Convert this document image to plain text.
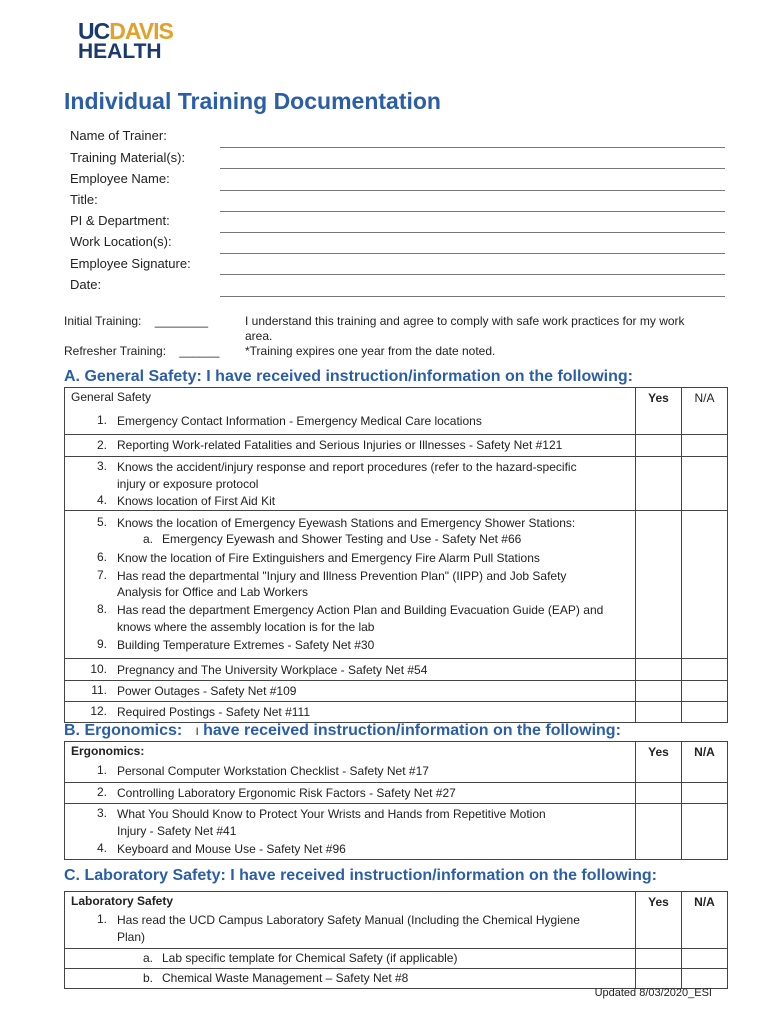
UCDAVIS
HEALTH
Individual Training Documentation
Name of Trainer:
Training Material(s):
Employee Name:
Title:
PI & Department:
Work Location(s):
Employee Signature:
Date:
Initial Training: ________
Refresher Training: ______
I understand this training and agree to comply with safe work practices for my work
area.
*Training expires one year from the date noted.
A. General Safety: I have received instruction/information on the following:
General Safety	Yes	N/A

1. Emergency Contact Information - Emergency Medical Care locations		

2. Reporting Work-related Fatalities and Serious Injuries or Illnesses - Safety Net #121		

3. Knows the accident/injury response and report procedures (refer to the hazard-specific
injury or exposure protocol		

4. Knows location of First Aid Kit		

5. Knows the location of Emergency Eyewash Stations and Emergency Shower Stations:
a. Emergency Eyewash and Shower Testing and Use - Safety Net #66		

6. Know the location of Fire Extinguishers and Emergency Fire Alarm Pull Stations		

7. Has read the departmental "Injury and Illness Prevention Plan" (IIPP) and Job Safety
Analysis for Office and Lab Workers		

8. Has read the department Emergency Action Plan and Building Evacuation Guide (EAP) and
knows where the assembly location is for the lab		

9. Building Temperature Extremes - Safety Net #30		

10. Pregnancy and The University Workplace - Safety Net #54		

11. Power Outages - Safety Net #109		

12. Required Postings - Safety Net #111		

B. Ergonomics: I have received instruction/information on the following:
Ergonomics:	Yes	N/A

1. Personal Computer Workstation Checklist - Safety Net #17		

2. Controlling Laboratory Ergonomic Risk Factors - Safety Net #27		

3. What You Should Know to Protect Your Wrists and Hands from Repetitive Motion
Injury - Safety Net #41		

4. Keyboard and Mouse Use - Safety Net #96		

C. Laboratory Safety: I have received instruction/information on the following:
Laboratory Safety	Yes	N/A

1. Has read the UCD Campus Laboratory Safety Manual (Including the Chemical Hygiene
Plan)		

a. Lab specific template for Chemical Safety (if applicable)		

b. Chemical Waste Management – Safety Net #8		

Updated 8/03/2020_ESI
